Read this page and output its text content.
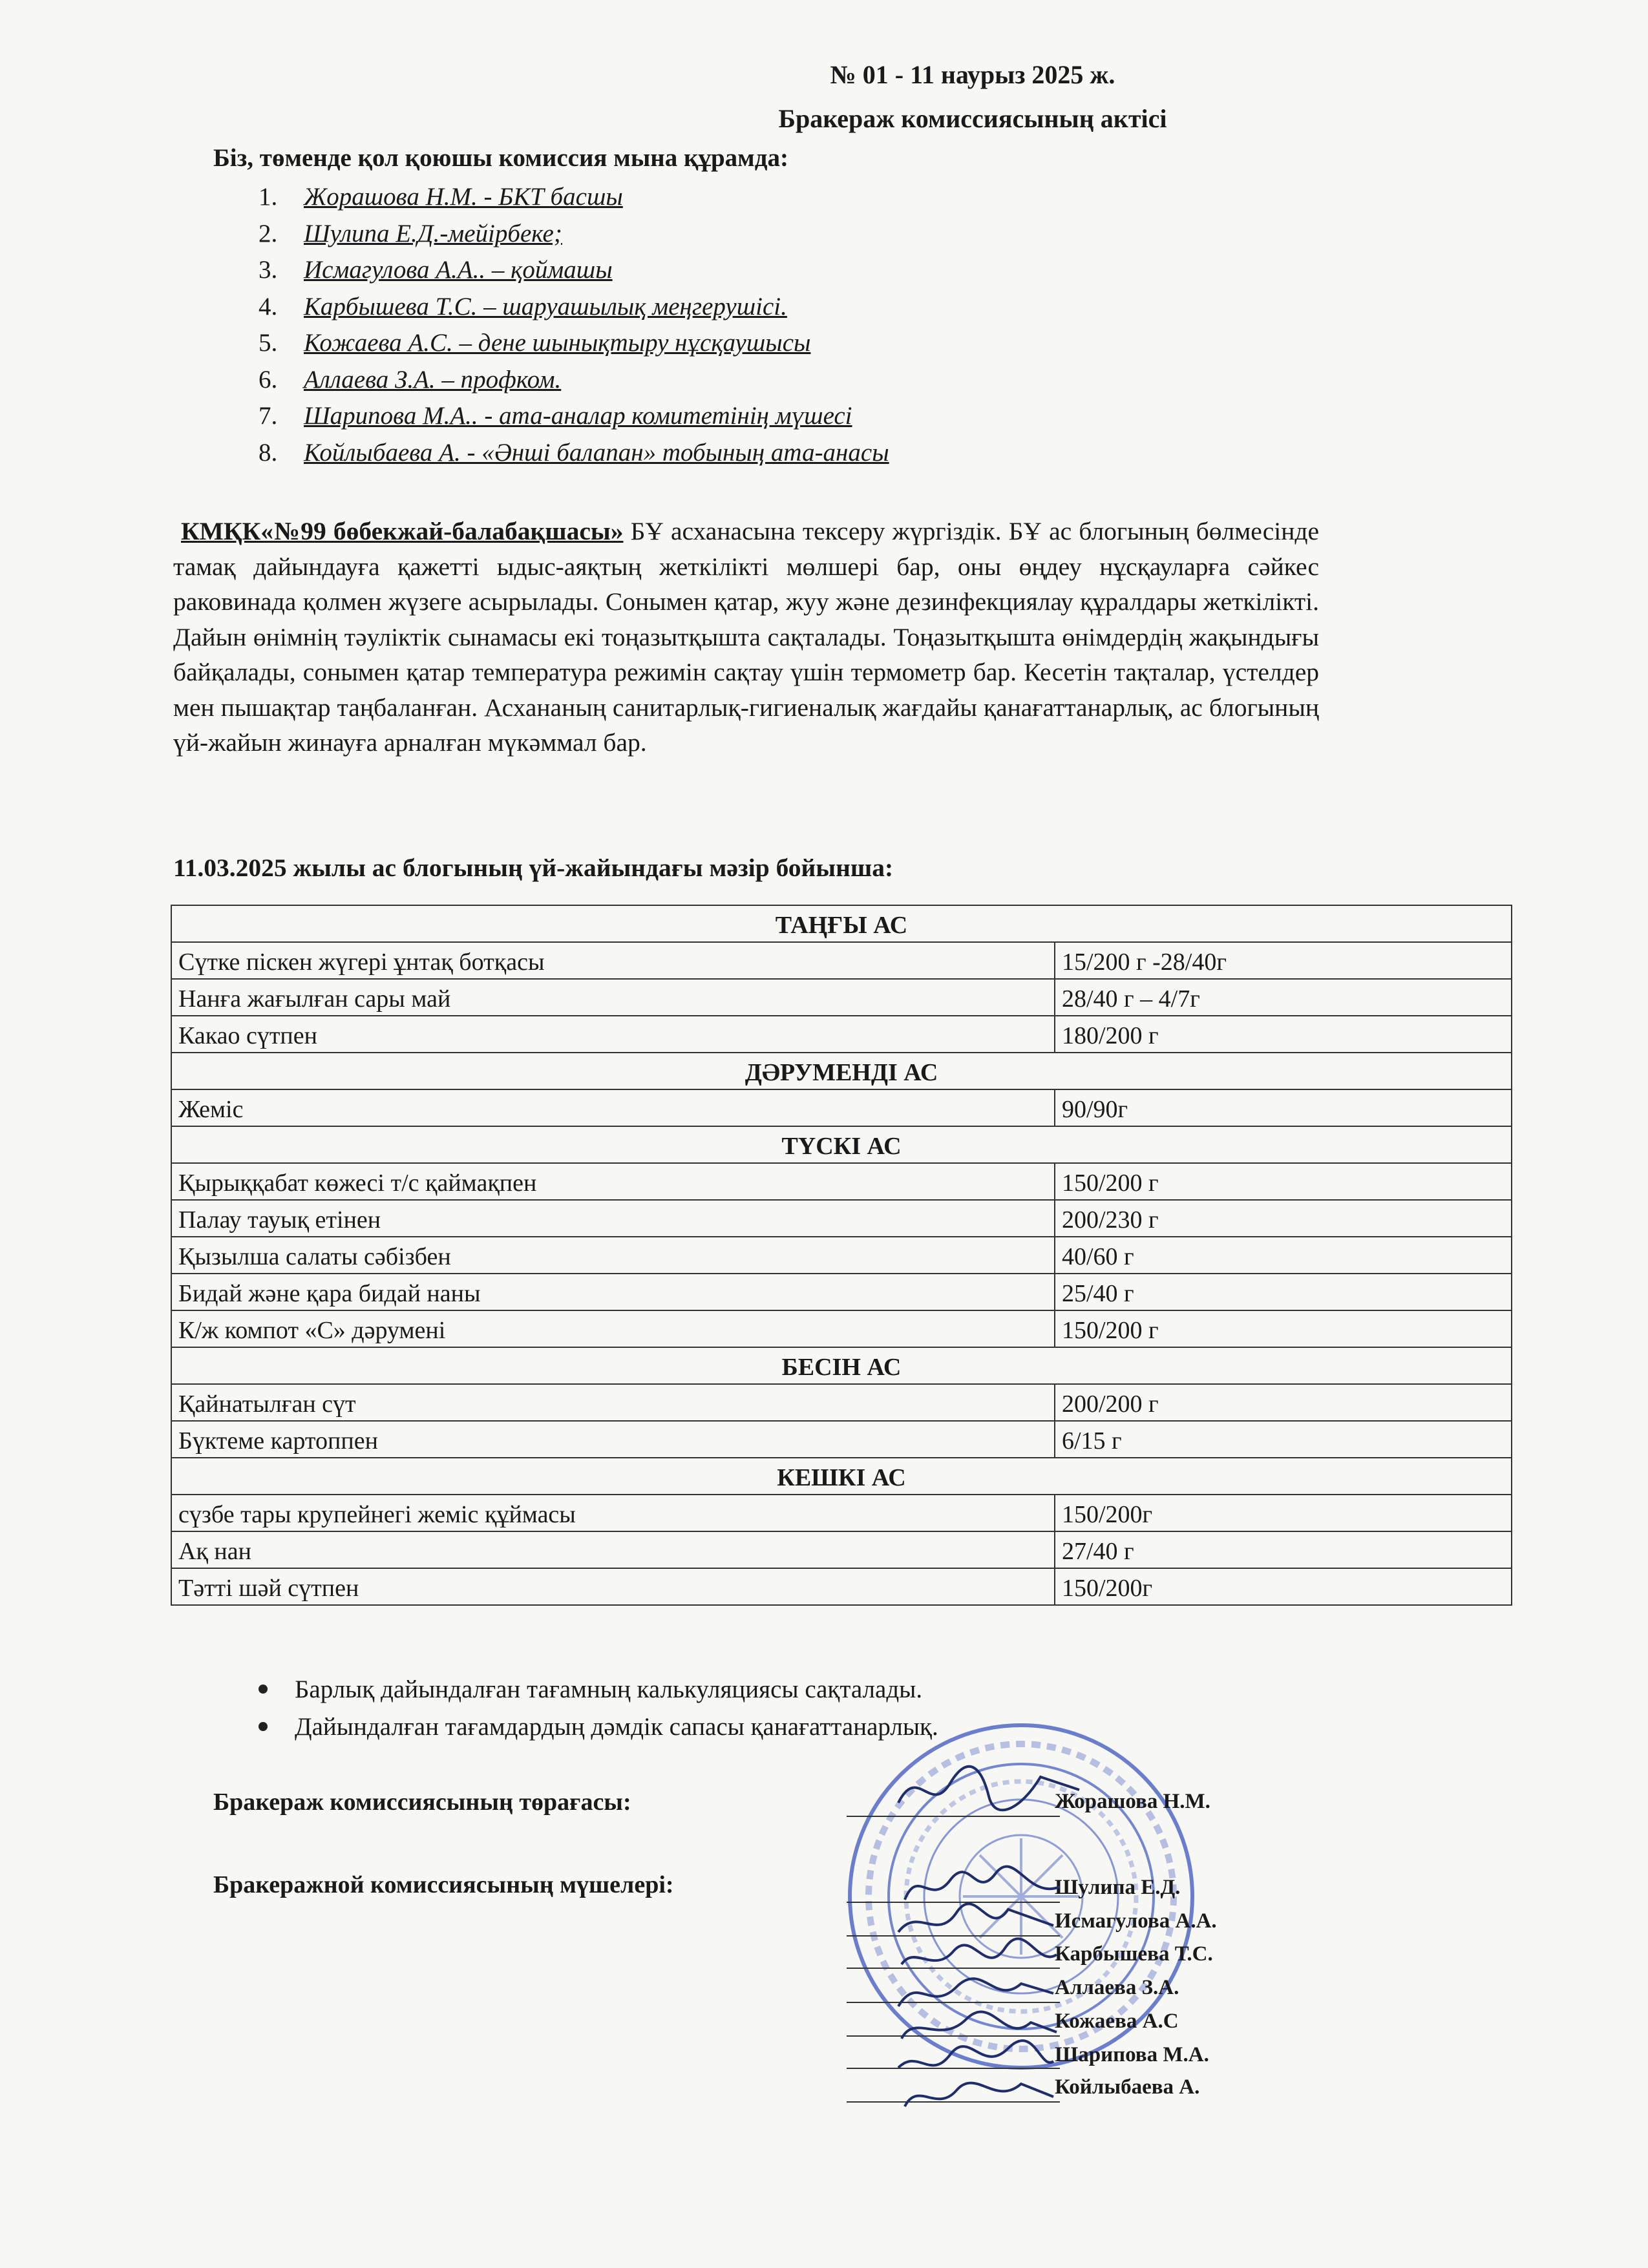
№ 01 - 11 наурыз 2025 ж.
Бракераж комиссиясының актісі
Біз, төменде қол қоюшы комиссия мына құрамда:
1.	Жорашова Н.М. - БКТ басшы
2.	Шулипа Е.Д.-мейірбеке;
3.	Исмагулова А.А.. – қоймашы
4.	Карбышева Т.С. – шаруашылық меңгерушісі.
5.	Кожаева А.С. – дене шынықтыру нұсқаушысы
6.	Аллаева З.А. – профком.
7.	Шарипова М.А.. - ата-аналар комитетінің мүшесі
8.	Койлыбаева А. - «Әнші балапан» тобының ата-анасы
КМҚК«№99 бөбекжай-балабақшасы» БҰ асханасына тексеру жүргіздік. БҰ ас блогының бөлмесінде тамақ дайындауға қажетті ыдыс-аяқтың жеткілікті мөлшері бар, оны өңдеу нұсқауларға сәйкес раковинада қолмен жүзеге асырылады. Сонымен қатар, жуу және дезинфекциялау құралдары жеткілікті. Дайын өнімнің тәуліктік сынамасы екі тоңазытқышта сақталады. Тоңазытқышта өнімдердің жақындығы байқалады, сонымен қатар температура режимін сақтау үшін термометр бар. Кесетін тақталар, үстелдер мен пышақтар таңбаланған. Асхананың санитарлық-гигиеналық жағдайы қанағаттанарлық, ас блогының үй-жайын жинауға арналған мүкәммал бар.
11.03.2025 жылы ас блогының үй-жайындағы мәзір бойынша:
ТАҢҒЫ АС	
Сүтке піскен жүгері ұнтақ ботқасы	15/200 г -28/40г
Нанға жағылған сары май	28/40 г – 4/7г
Какао сүтпен	180/200 г
ДӘРУМЕНДІ АС	
Жеміс	90/90г
ТҮСКІ АС	
Қырыққабат көжесі т/с қаймақпен	150/200 г
Палау тауық етінен	200/230 г
Қызылша салаты сәбізбен	40/60 г
Бидай және қара бидай наны	25/40 г
К/ж компот «С» дәрумені	150/200 г
БЕСІН АС	
Қайнатылған сүт	200/200 г
Бүктеме картоппен	6/15 г
КЕШКІ АС	
сүзбе тары крупейнегі жеміс құймасы	150/200г
Ақ нан	27/40 г
Тәтті шәй сүтпен	150/200г
Барлық дайындалған тағамның калькуляциясы сақталады.
Дайындалған тағамдардың дәмдік сапасы қанағаттанарлық.
Бракераж комиссиясының төрағасы:	Жорашова Н.М.
Бракеражной комиссиясының мүшелері:	Шулипа Е.Д.
Исмагулова А.А.
Карбышева Т.С.
Аллаева З.А.
Кожаева А.С
Шарипова М.А.
Койлыбаева А.
